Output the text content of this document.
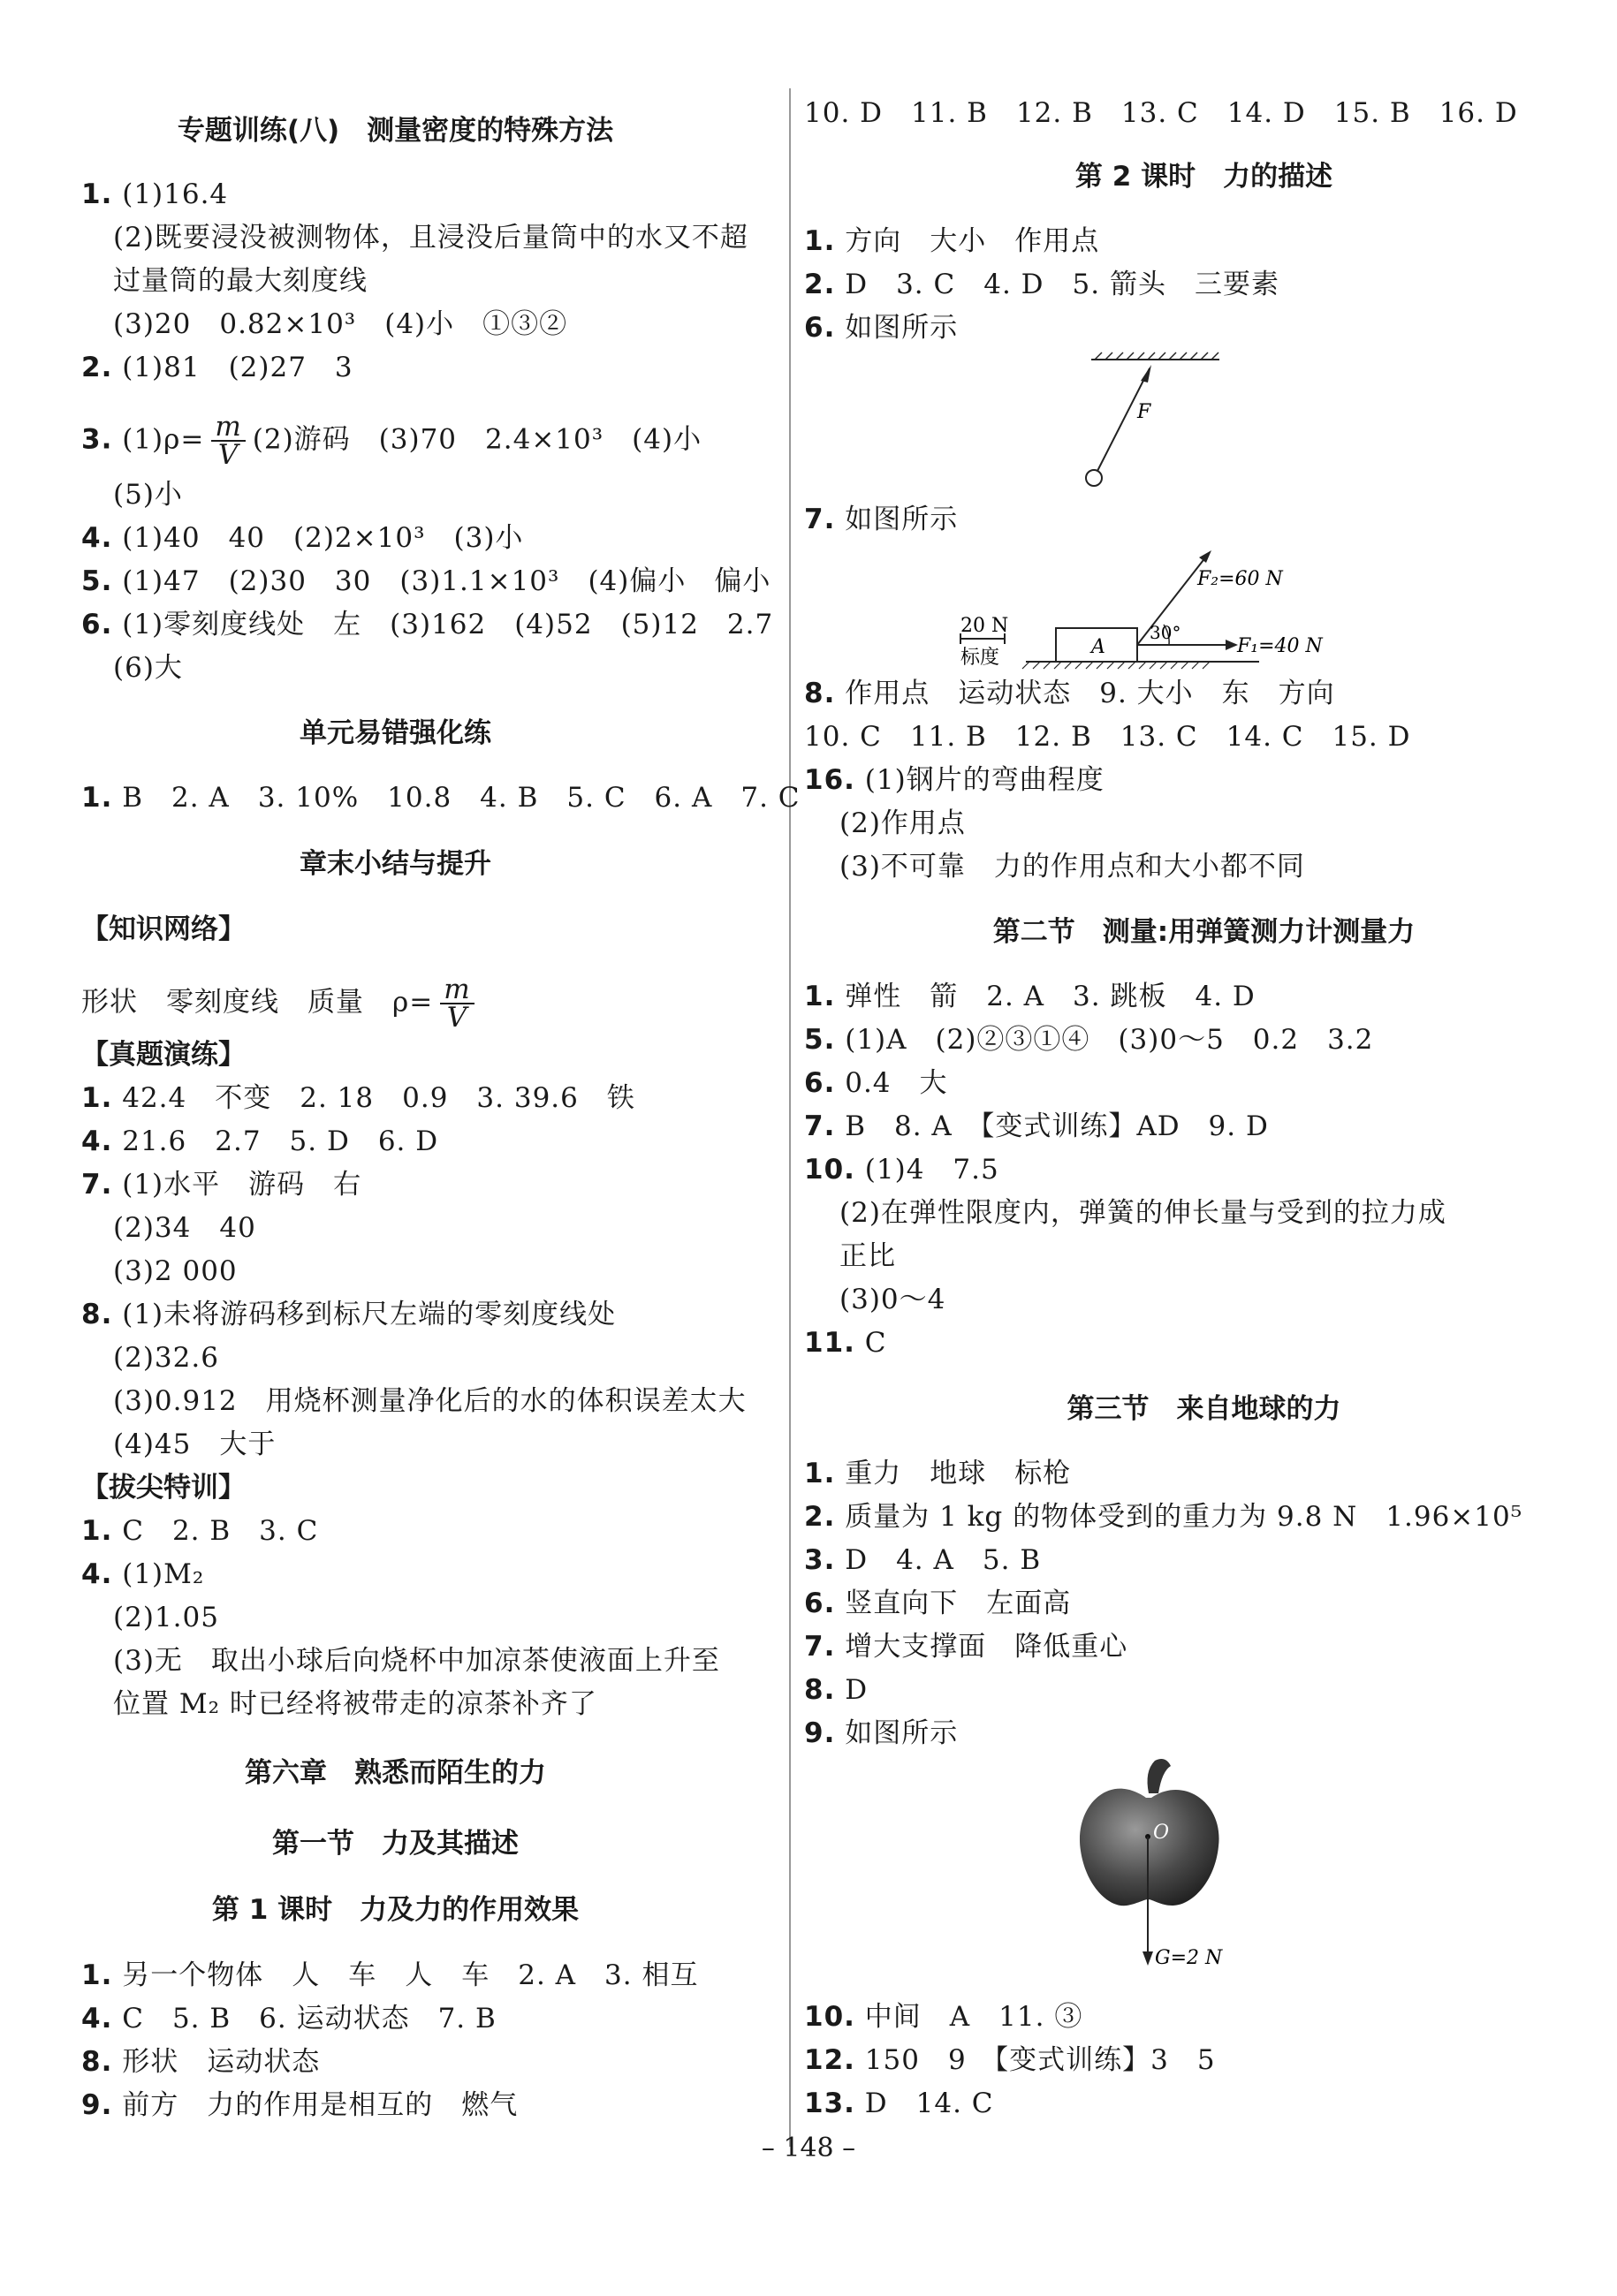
专题训练(八)　测量密度的特殊方法
1. (1)16.4
(2)既要浸没被测物体，且浸没后量筒中的水又不超
过量筒的最大刻度线
(3)20　0.82×10³　(4)小　①③②
2. (1)81　(2)27　3
3. $(1)\rho= \frac{m}{V} (2)$游码　(3)70　2.4×10³　(4)小
(5)小
4. (1)40　40　(2)2×10³　(3)小
5. (1)47　(2)30　30　(3)1.1×10³　(4)偏小　偏小
6. (1)零刻度线处　左　(3)162　(4)52　(5)12　2.7
(6)大
单元易错强化练
1. B　2. A　3. 10%　10.8　4. B　5. C　6. A　7. C
章末小结与提升
【知识网络】
形状　零刻度线　质量　$\rho= \frac{m}{V}$
【真题演练】
1. 42.4　不变　2. 18　0.9　3. 39.6　铁
4. 21.6　2.7　5. D　6. D
7. (1)水平　游码　右
(2)34　40
(3)2 000
8. (1)未将游码移到标尺左端的零刻度线处
(2)32.6
(3)0.912　用烧杯测量净化后的水的体积误差太大
(4)45　大于
【拔尖特训】
1. C　2. B　3. C
4. (1)M₂
(2)1.05
(3)无　取出小球后向烧杯中加凉茶使液面上升至
位置 M₂ 时已经将被带走的凉茶补齐了
第六章　熟悉而陌生的力
第一节　力及其描述
第 1 课时　力及力的作用效果
1. 另一个物体　人　车　人　车　2. A　3. 相互
4. C　5. B　6. 运动状态　7. B
8. 形状　运动状态
9. 前方　力的作用是相互的　燃气
10. D　11. B　12. B　13. C　14. D　15. B　16. D
第 2 课时　力的描述
1. 方向　大小　作用点
2. D　3. C　4. D　5. 箭头　三要素
6. 如图所示
F
7. 如图所示
20 N
标度	A
30°
F₂=60 N
F₁=40 N
8. 作用点　运动状态　9. 大小　东　方向
10. C　11. B　12. B　13. C　14. C　15. D
16. (1)钢片的弯曲程度
(2)作用点
(3)不可靠　力的作用点和大小都不同
第二节　测量:用弹簧测力计测量力
1. 弹性　箭　2. A　3. 跳板　4. D
5. (1)A　(2)②③①④　(3)0～5　0.2　3.2
6. 0.4　大
7. B　8. A　【变式训练】AD　9. D
10. (1)4　7.5
(2)在弹性限度内，弹簧的伸长量与受到的拉力成
正比
(3)0～4
11. C
第三节　来自地球的力
1. 重力　地球　标枪
2. 质量为 1 kg 的物体受到的重力为 9.8 N　1.96×10⁵
3. D　4. A　5. B
6. 竖直向下　左面高
7. 增大支撑面　降低重心
8. D
9. 如图所示
O
G=2 N
10. 中间　A　11. ③
12. 150　9　【变式训练】3　5
13. D　14. C
– 148 –
